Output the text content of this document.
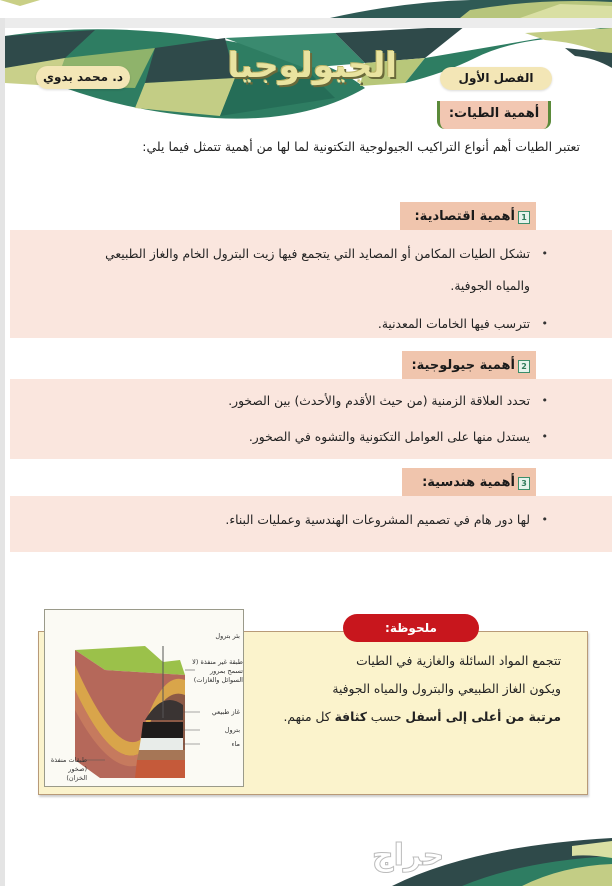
د. محمد بدوي	الجيولوجيا	الفصل الأول
أهمية الطيات:

تعتبر الطيات أهم أنواع التراكيب الجيولوجية التكتونية لما لها من أهمية تتمثل فيما يلي:

1
أهمية اقتصادية:
• تشكل الطيات المكامن أو المصايد التي يتجمع فيها زيت البترول الخام والغاز الطبيعي والمياه الجوفية.
• تترسب فيها الخامات المعدنية.
2
أهمية جيولوجية:
• تحدد العلاقة الزمنية (من حيث الأقدم والأحدث) بين الصخور.
• يستدل منها على العوامل التكتونية والتشوه في الصخور.
3
أهمية هندسية:
• لها دور هام في تصميم المشروعات الهندسية وعمليات البناء.
ملحوظة:
تتجمع المواد السائلة والغازية في الطيات
ويكون الغاز الطبيعي والبترول والمياه الجوفية
مرتبة من أعلى إلى أسفل حسب كثافة كل منهم.
بئر بترول
طبقة غير منفذة (لا تسمح بمرور السوائل والغازات)
غاز طبيعي
بترول
ماء
طبقات منفذة (صخور الخزان)
حراج
